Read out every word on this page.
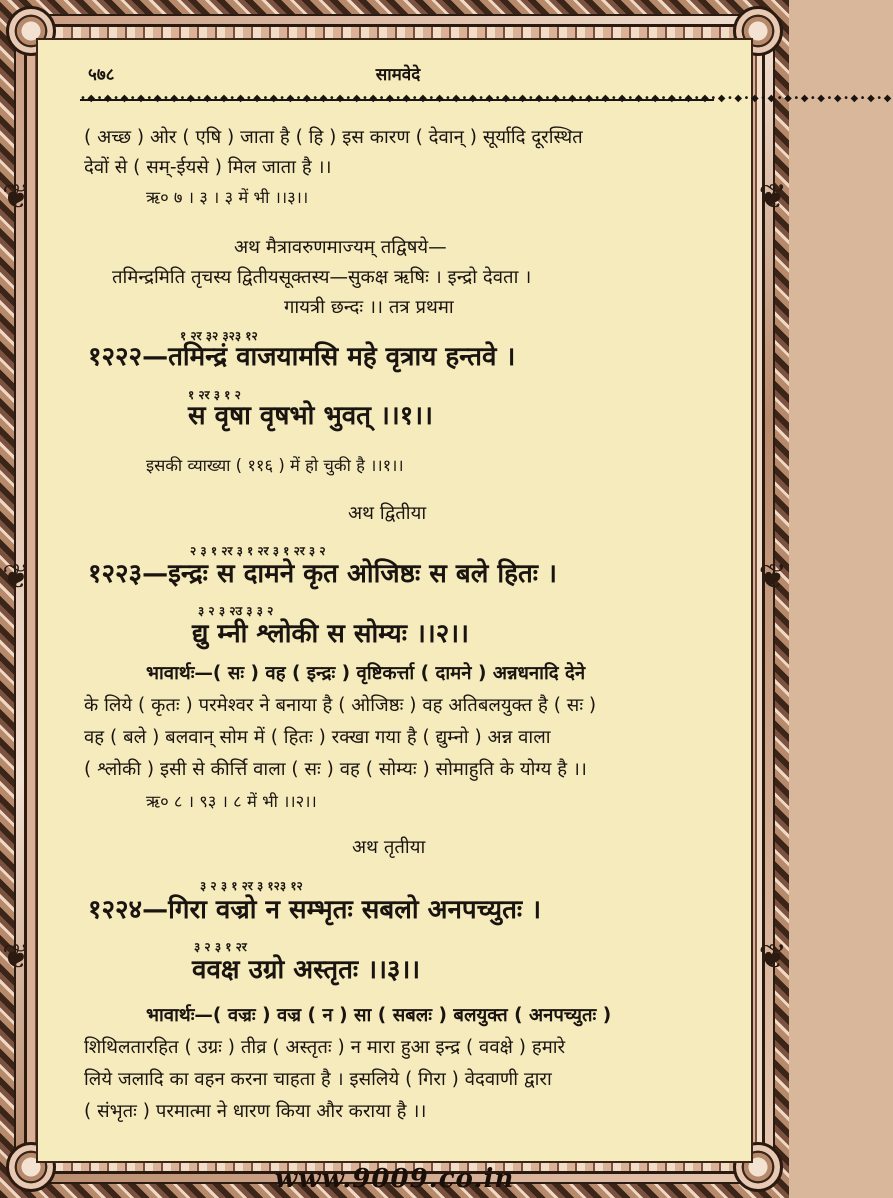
❦
❦
❦
❦
❦
❦
५७८	सामवेदे
•◆•◆•◆•◆•◆•◆•◆•◆•◆•◆•◆•◆•◆•◆•◆•◆•◆•◆•◆•◆•◆•◆•◆•◆•◆•◆•◆•◆•◆•◆•◆•◆•◆•◆•◆•◆•◆•◆•◆•◆•◆•◆•◆•◆•◆•◆•◆•◆•◆
( अच्छ ) ओर ( एषि ) जाता है ( हि ) इस कारण ( देवान् ) सूर्यादि दूरस्थित
देवों से ( सम्-ईयसे ) मिल जाता है ।।
ऋ० ७ । ३ । ३ में भी ।।३।।
अथ मैत्रावरुणमाज्यम् तद्विषये—
तमिन्द्रमिति तृचस्य द्वितीयसूक्तस्य—सुकक्ष ऋषिः । इन्द्रो देवता ।
गायत्री छन्दः ।। तत्र प्रथमा
१ २र ३२ ३२३ १२
१२२२—तमिन्द्रं वाजयामसि महे वृत्राय हन्तवे ।
१ २र ३ १ २
स वृषा वृषभो भुवत् ।।१।।
इसकी व्याख्या ( ११६ ) में हो चुकी है ।।१।।
अथ द्वितीया
२ ३ १ २र ३ १ २र ३ १ २र ३ २
१२२३—इन्द्रः स दामने कृत ओजिष्ठः स बले हितः ।
३ २ ३ २उ ३ ३ २
द्यु म्नी श्लोकी स सोम्यः ।।२।।
भावार्थः—( सः ) वह ( इन्द्रः ) वृष्टिकर्त्ता ( दामने ) अन्नधनादि देने
के लिये ( कृतः ) परमेश्वर ने बनाया है ( ओजिष्ठः ) वह अतिबलयुक्त है ( सः )
वह ( बले ) बलवान् सोम में ( हितः ) रक्खा गया है ( द्युम्नो ) अन्न वाला
( श्लोकी ) इसी से कीर्त्ति वाला ( सः ) वह ( सोम्यः ) सोमाहुति के योग्य है ।।
ऋ० ८ । ९३ । ८ में भी ।।२।।
अथ तृतीया
३ २ ३ १ २र ३ १२३ १२
१२२४—गिरा वज्रो न सम्भृतः सबलो अनपच्युतः ।
३ २ ३ १ २र
ववक्ष उग्रो अस्तृतः ।।३।।
भावार्थः—( वज्रः ) वज्र ( न ) सा ( सबलः ) बलयुक्त ( अनपच्युतः )
शिथिलतारहित ( उग्रः ) तीव्र ( अस्तृतः ) न मारा हुआ इन्द्र ( ववक्षे ) हमारे
लिये जलादि का वहन करना चाहता है । इसलिये ( गिरा ) वेदवाणी द्वारा
( संभृतः ) परमात्मा ने धारण किया और कराया है ।।
www.9009.co.in
